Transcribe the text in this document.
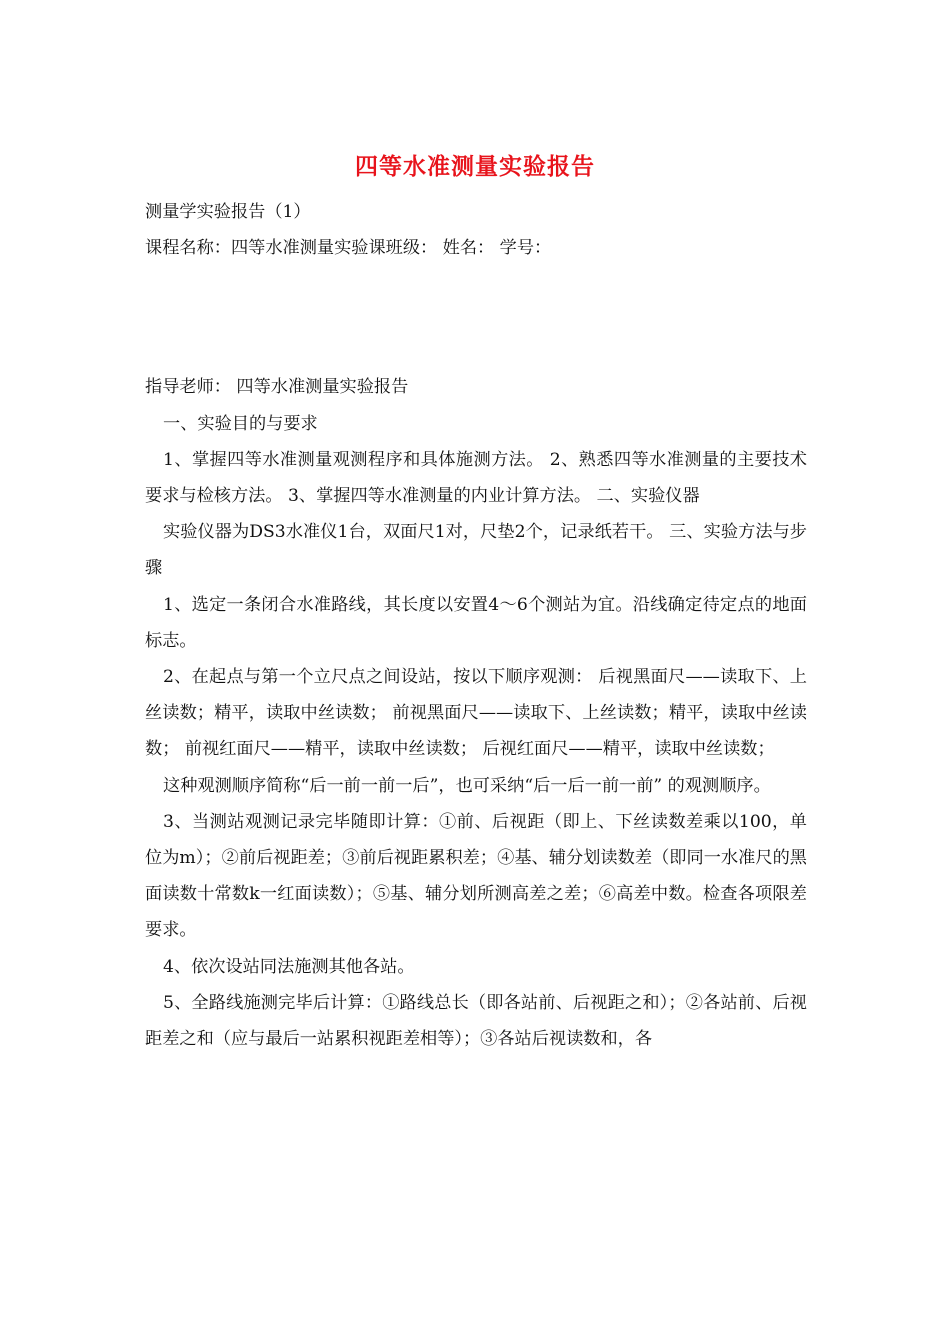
四等水准测量实验报告

测量学实验报告（1）

课程名称：四等水准测量实验课班级： 姓名： 学号：

指导老师： 四等水准测量实验报告

一、实验目的与要求

1、掌握四等水准测量观测程序和具体施测方法。 2、熟悉四等水准测量的主要技术要求与检核方法。 3、掌握四等水准测量的内业计算方法。 二、实验仪器

实验仪器为DS3水准仪1台，双面尺1对，尺垫2个，记录纸若干。 三、实验方法与步骤

1、选定一条闭合水准路线，其长度以安置4～6个测站为宜。沿线确定待定点的地面标志。

2、在起点与第一个立尺点之间设站，按以下顺序观测： 后视黑面尺——读取下、上丝读数；精平，读取中丝读数； 前视黑面尺——读取下、上丝读数；精平，读取中丝读数； 前视红面尺——精平，读取中丝读数； 后视红面尺——精平，读取中丝读数；

这种观测顺序简称“后一前一前一后”，也可采纳“后一后一前一前” 的观测顺序。

3、当测站观测记录完毕随即计算：①前、后视距（即上、下丝读数差乘以100，单位为m）；②前后视距差；③前后视距累积差；④基、辅分划读数差（即同一水准尺的黑面读数十常数k一红面读数）；⑤基、辅分划所测高差之差；⑥高差中数。检查各项限差要求。

4、依次设站同法施测其他各站。

5、全路线施测完毕后计算：①路线总长（即各站前、后视距之和）；②各站前、后视距差之和（应与最后一站累积视距差相等）；③各站后视读数和，各
